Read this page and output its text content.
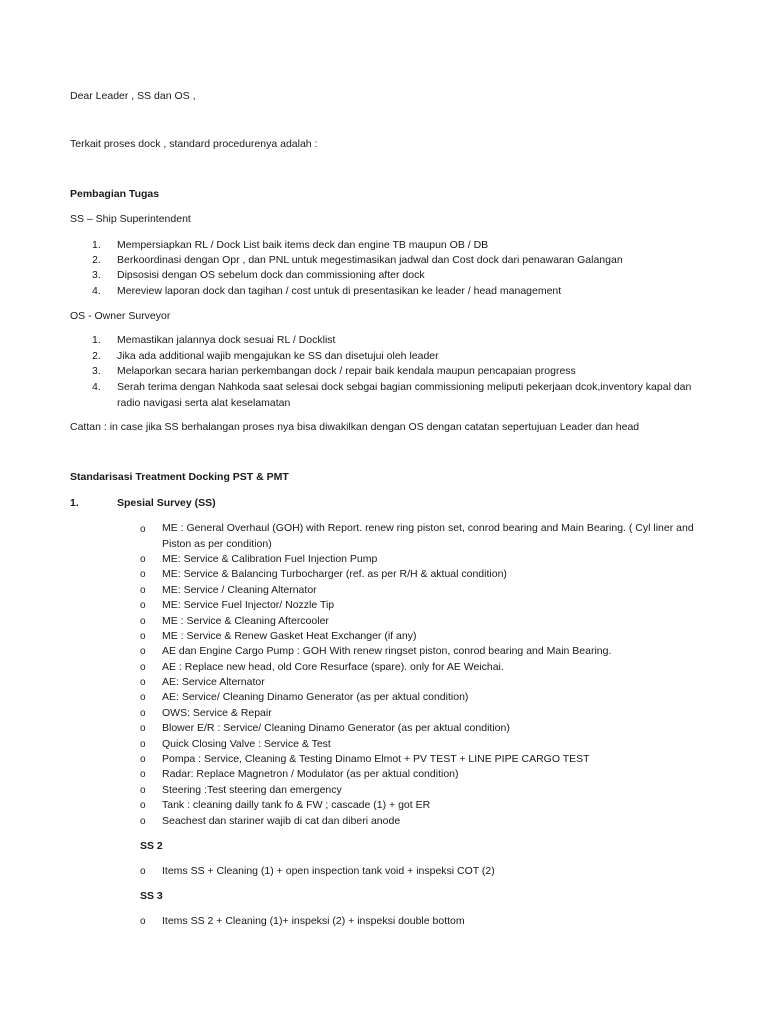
Dear Leader , SS dan OS ,
Terkait proses dock , standard procedurenya adalah :
Pembagian Tugas
SS – Ship Superintendent
1.	Mempersiapkan RL / Dock List baik items deck dan engine TB maupun OB / DB
2.	Berkoordinasi dengan Opr , dan PNL untuk megestimasikan jadwal dan Cost dock dari penawaran Galangan
3.	Dipsosisi dengan OS sebelum dock dan commissioning after dock
4.	Mereview laporan dock dan tagihan / cost untuk di presentasikan ke leader / head management
OS - Owner Surveyor
1.	Memastikan jalannya dock sesuai RL / Docklist
2.	Jika ada additional wajib mengajukan ke SS dan disetujui oleh leader
3.	Melaporkan secara harian perkembangan dock / repair baik kendala maupun pencapaian progress
4.	Serah terima dengan Nahkoda saat selesai dock sebgai bagian commissioning meliputi pekerjaan dcok,inventory kapal dan radio navigasi serta alat keselamatan
Cattan : in case jika SS berhalangan proses nya bisa diwakilkan dengan OS dengan catatan sepertujuan Leader dan head
Standarisasi Treatment Docking PST & PMT
1.	Spesial Survey (SS)
o ME : General Overhaul (GOH) with Report. renew ring piston set, conrod bearing and Main Bearing. ( Cyl liner and Piston as per condition)
o ME: Service & Calibration Fuel Injection Pump
o ME: Service & Balancing Turbocharger (ref. as per R/H & aktual condition)
o ME: Service / Cleaning Alternator
o ME: Service Fuel Injector/ Nozzle Tip
o ME : Service & Cleaning Aftercooler
o ME : Service & Renew Gasket Heat Exchanger (if any)
o AE dan Engine Cargo Pump : GOH With renew ringset piston, conrod bearing and Main Bearing.
o AE : Replace new head, old Core Resurface (spare). only for AE Weichai.
o AE: Service Alternator
o AE: Service/ Cleaning Dinamo Generator (as per aktual condition)
o OWS: Service & Repair
o Blower E/R : Service/ Cleaning Dinamo Generator (as per aktual condition)
o Quick Closing Valve : Service & Test
o Pompa : Service, Cleaning & Testing Dinamo Elmot + PV TEST + LINE PIPE CARGO TEST
o Radar: Replace Magnetron / Modulator (as per aktual condition)
o Steering :Test steering dan emergency
o Tank : cleaning dailly tank fo & FW ; cascade (1) + got ER
o Seachest dan stariner wajib di cat dan diberi anode
SS 2
o Items SS + Cleaning (1) + open inspection tank void + inspeksi COT (2)
SS 3
o Items SS 2 + Cleaning (1)+ inspeksi (2) + inspeksi double bottom
